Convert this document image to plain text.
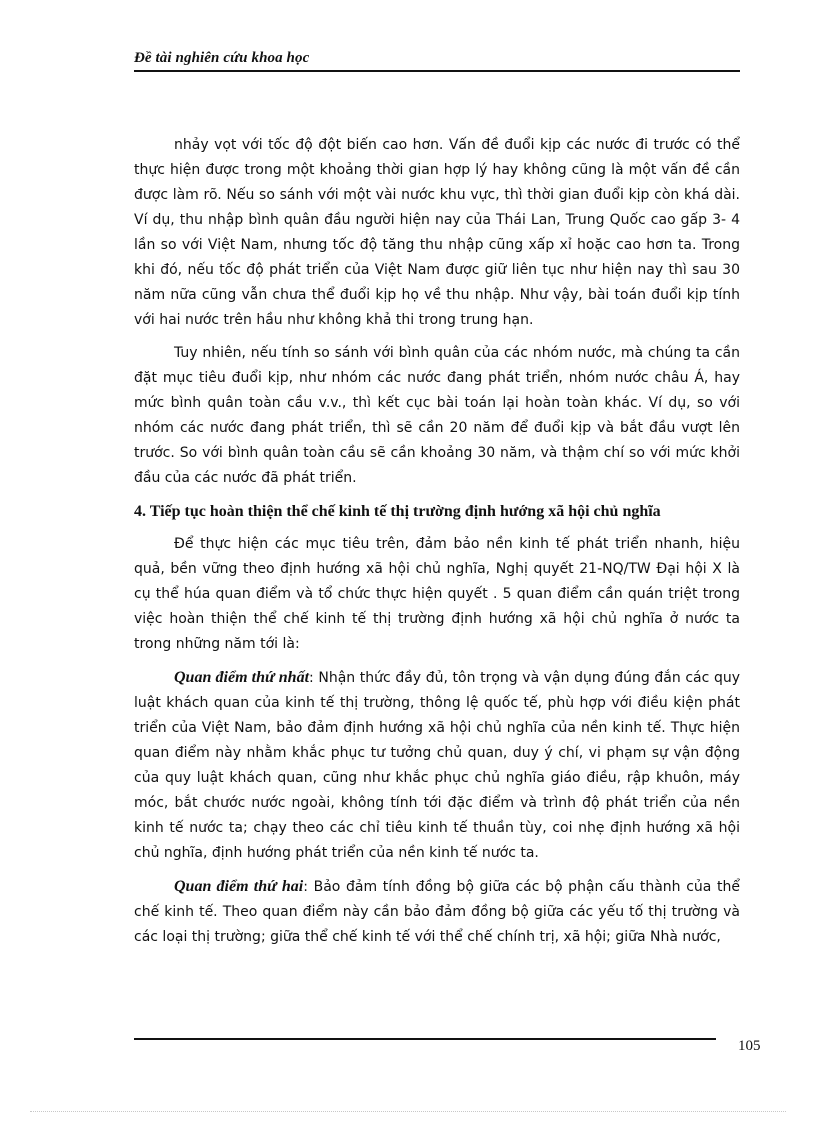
Đề tài nghiên cứu khoa học

nhảy vọt với tốc độ đột biến cao hơn. Vấn đề đuổi kịp các nước đi trước có thể thực hiện được trong một khoảng thời gian hợp lý hay không cũng là một vấn đề cần được làm rõ. Nếu so sánh với một vài nước khu vực, thì thời gian đuổi kịp còn khá dài. Ví dụ, thu nhập bình quân đầu người hiện nay của Thái Lan, Trung Quốc cao gấp 3- 4 lần so với Việt Nam, nhưng tốc độ tăng thu nhập cũng xấp xỉ hoặc cao hơn ta. Trong khi đó, nếu tốc độ phát triển của Việt Nam được giữ liên tục như hiện nay thì sau 30 năm nữa cũng vẫn chưa thể đuổi kịp họ về thu nhập. Như vậy, bài toán đuổi kịp tính với hai nước trên hầu như không khả thi trong trung hạn.

Tuy nhiên, nếu tính so sánh với bình quân của các nhóm nước, mà chúng ta cần đặt mục tiêu đuổi kịp, như nhóm các nước đang phát triển, nhóm nước châu Á, hay mức bình quân toàn cầu v.v., thì kết cục bài toán lại hoàn toàn khác. Ví dụ, so với nhóm các nước đang phát triển, thì sẽ cần 20 năm để đuổi kịp và bắt đầu vượt lên trước. So với bình quân toàn cầu sẽ cần khoảng 30 năm, và thậm chí so với mức khởi đầu của các nước đã phát triển.

4. Tiếp tục hoàn thiện thể chế kinh tế thị trường định hướng xã hội chủ nghĩa

Để thực hiện các mục tiêu trên, đảm bảo nền kinh tế phát triển nhanh, hiệu quả, bền vững theo định hướng xã hội chủ nghĩa, Nghị quyết 21-NQ/TW Đại hội X là cụ thể húa quan điểm và tổ chức thực hiện quyết . 5 quan điểm cần quán triệt trong việc hoàn thiện thể chế kinh tế thị trường định hướng xã hội chủ nghĩa ở nước ta trong những năm tới là:

Quan điểm thứ nhất: Nhận thức đầy đủ, tôn trọng và vận dụng đúng đắn các quy luật khách quan của kinh tế thị trường, thông lệ quốc tế, phù hợp với điều kiện phát triển của Việt Nam, bảo đảm định hướng xã hội chủ nghĩa của nền kinh tế. Thực hiện quan điểm này nhằm khắc phục tư tưởng chủ quan, duy ý chí, vi phạm sự vận động của quy luật khách quan, cũng như khắc phục chủ nghĩa giáo điều, rập khuôn, máy móc, bắt chước nước ngoài, không tính tới đặc điểm và trình độ phát triển của nền kinh tế nước ta; chạy theo các chỉ tiêu kinh tế thuần tùy, coi nhẹ định hướng xã hội chủ nghĩa, định hướng phát triển của nền kinh tế nước ta.

Quan điểm thứ hai: Bảo đảm tính đồng bộ giữa các bộ phận cấu thành của thể chế kinh tế. Theo quan điểm này cần bảo đảm đồng bộ giữa các yếu tố thị trường và các loại thị trường; giữa thể chế kinh tế với thể chế chính trị, xã hội; giữa Nhà nước,

105
